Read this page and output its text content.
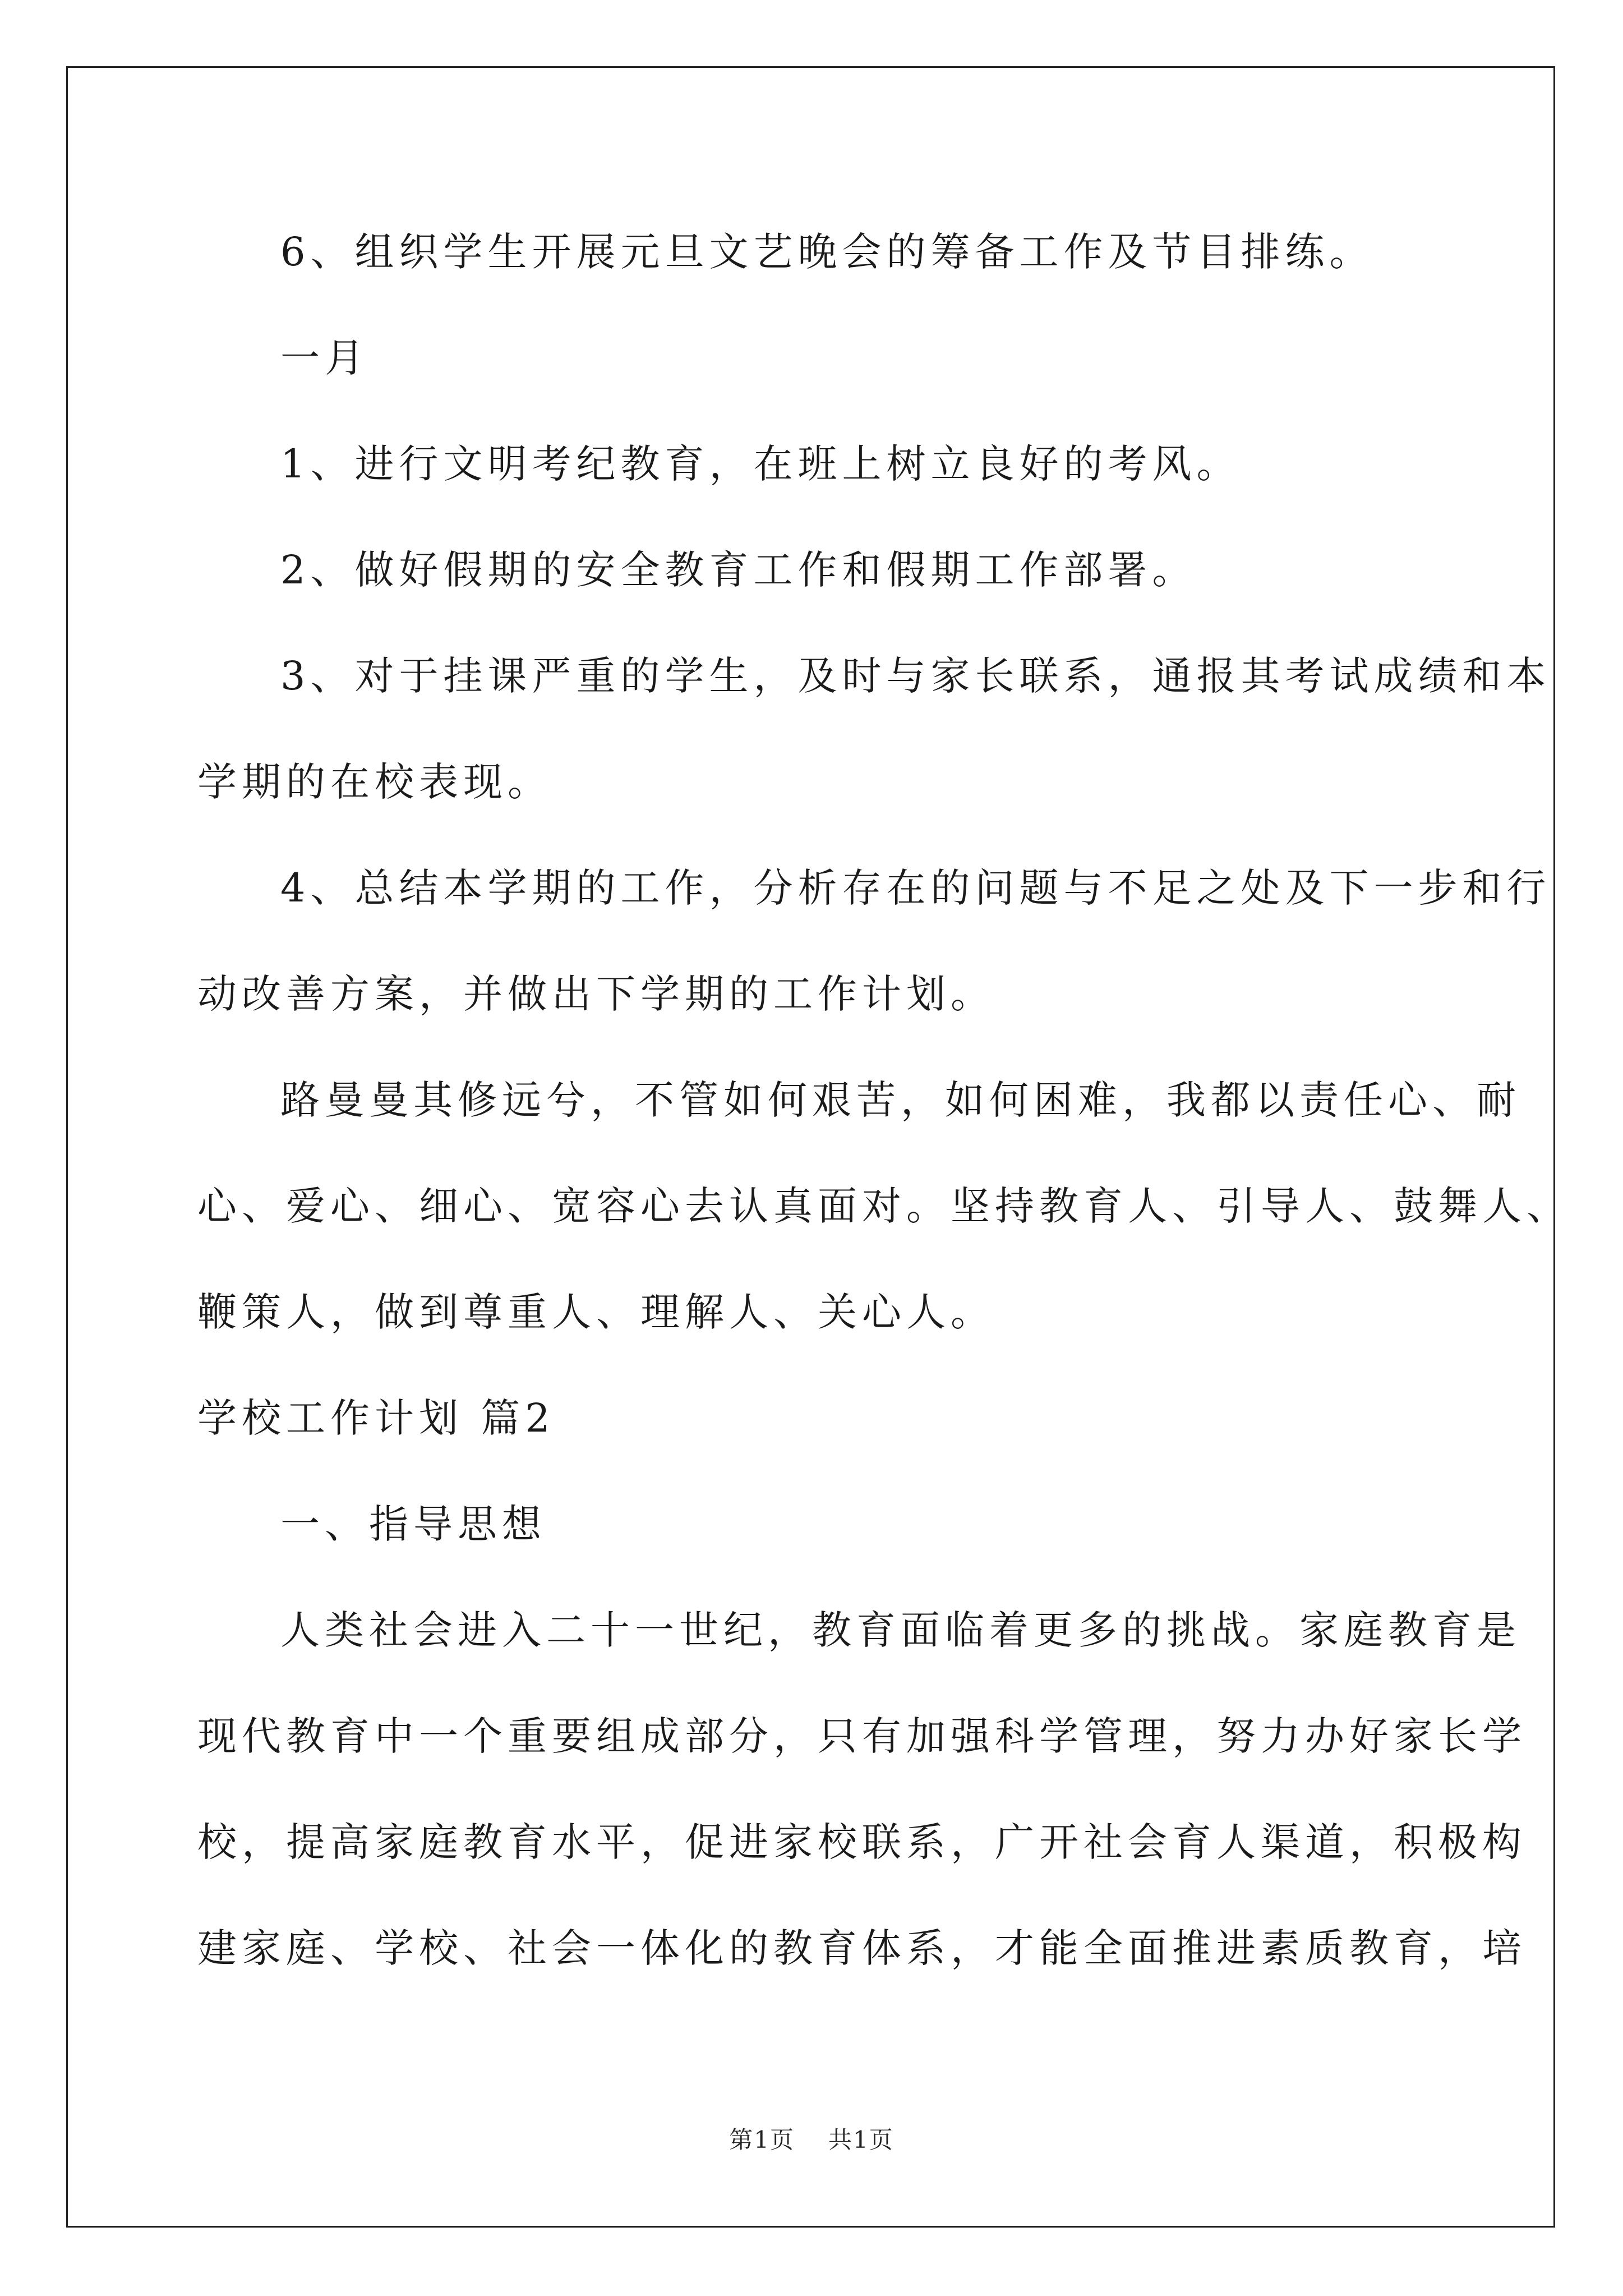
6、组织学生开展元旦文艺晚会的筹备工作及节目排练。
一月
1、进行文明考纪教育，在班上树立良好的考风。
2、做好假期的安全教育工作和假期工作部署。
3、对于挂课严重的学生，及时与家长联系，通报其考试成绩和本
学期的在校表现。
4、总结本学期的工作，分析存在的问题与不足之处及下一步和行
动改善方案，并做出下学期的工作计划。
路曼曼其修远兮，不管如何艰苦，如何困难，我都以责任心、耐
心、爱心、细心、宽容心去认真面对。坚持教育人、引导人、鼓舞人、
鞭策人，做到尊重人、理解人、关心人。
学校工作计划 篇2
一、指导思想
人类社会进入二十一世纪，教育面临着更多的挑战。家庭教育是
现代教育中一个重要组成部分，只有加强科学管理，努力办好家长学
校，提高家庭教育水平，促进家校联系，广开社会育人渠道，积极构
建家庭、学校、社会一体化的教育体系，才能全面推进素质教育，培
第1页 共1页
